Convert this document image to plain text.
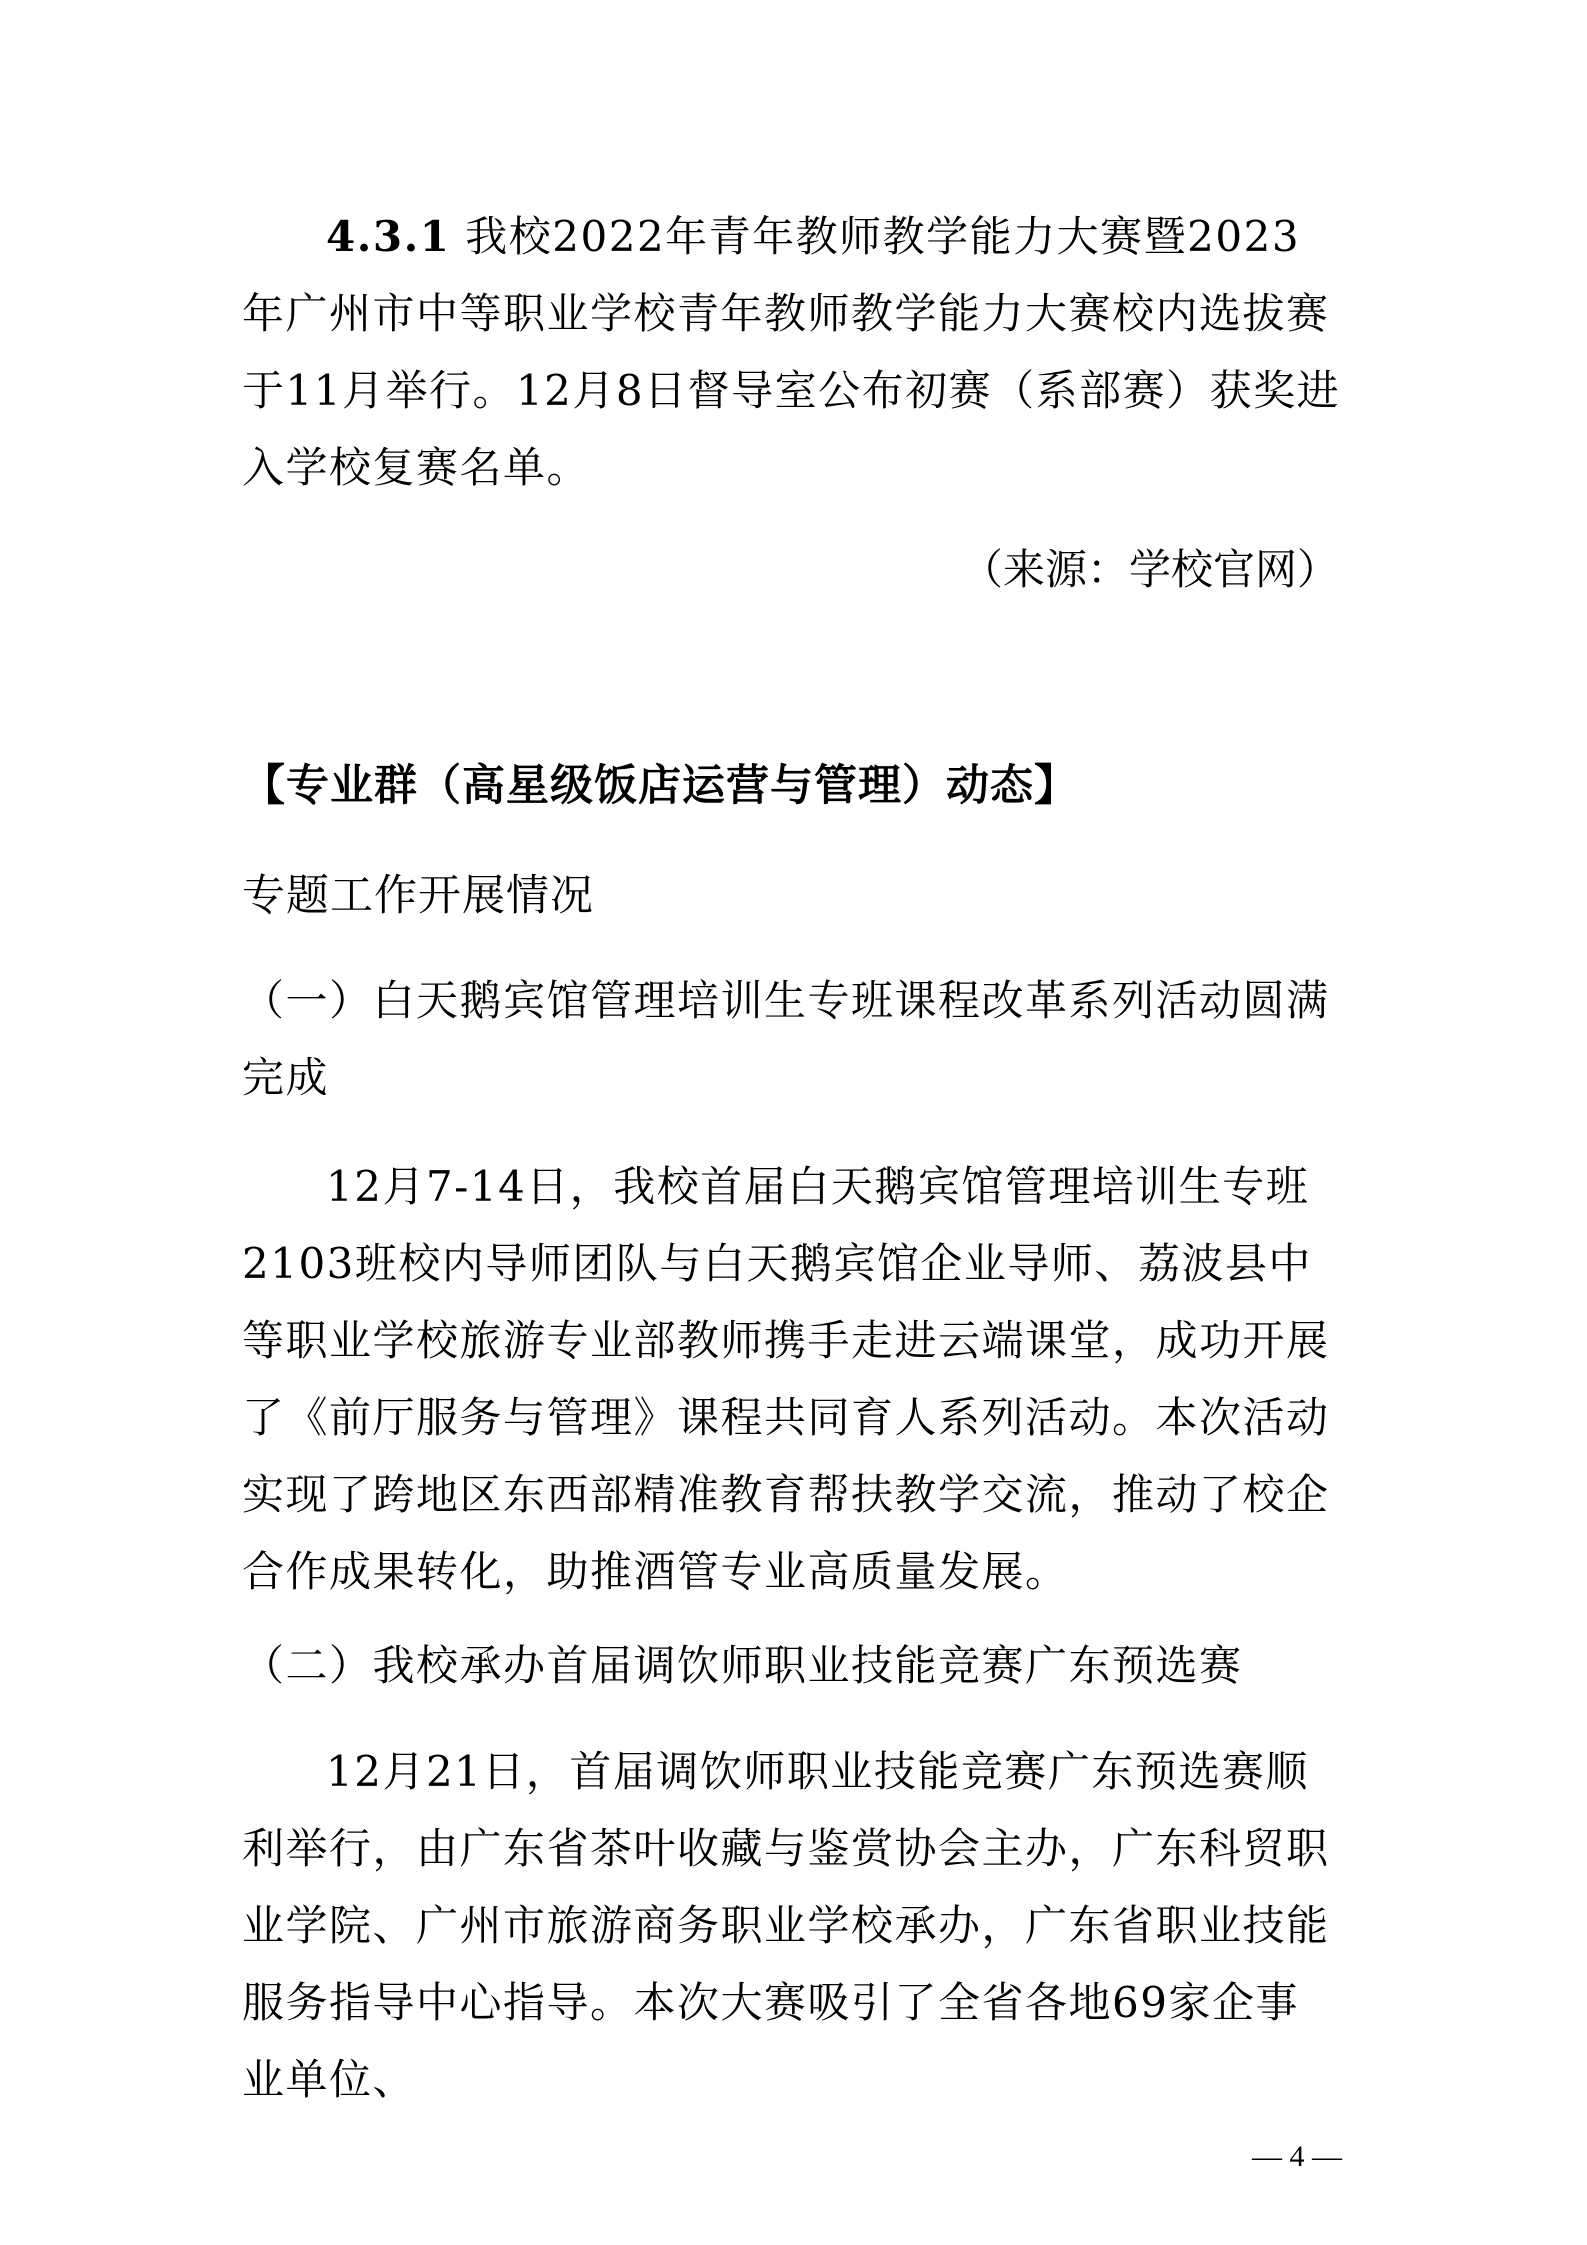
4.3.1 我校2022年青年教师教学能力大赛暨2023年广州市中等职业学校青年教师教学能力大赛校内选拔赛于11月举行。12月8日督导室公布初赛（系部赛）获奖进入学校复赛名单。

（来源：学校官网）
【专业群（高星级饭店运营与管理）动态】
专题工作开展情况

（一）白天鹅宾馆管理培训生专班课程改革系列活动圆满完成

12月7-14日，我校首届白天鹅宾馆管理培训生专班2103班校内导师团队与白天鹅宾馆企业导师、荔波县中等职业学校旅游专业部教师携手走进云端课堂，成功开展了《前厅服务与管理》课程共同育人系列活动。本次活动实现了跨地区东西部精准教育帮扶教学交流，推动了校企合作成果转化，助推酒管专业高质量发展。

（二）我校承办首届调饮师职业技能竞赛广东预选赛

12月21日，首届调饮师职业技能竞赛广东预选赛顺利举行，由广东省茶叶收藏与鉴赏协会主办，广东科贸职业学院、广州市旅游商务职业学校承办，广东省职业技能服务指导中心指导。本次大赛吸引了全省各地69家企事业单位、

— 4 —
